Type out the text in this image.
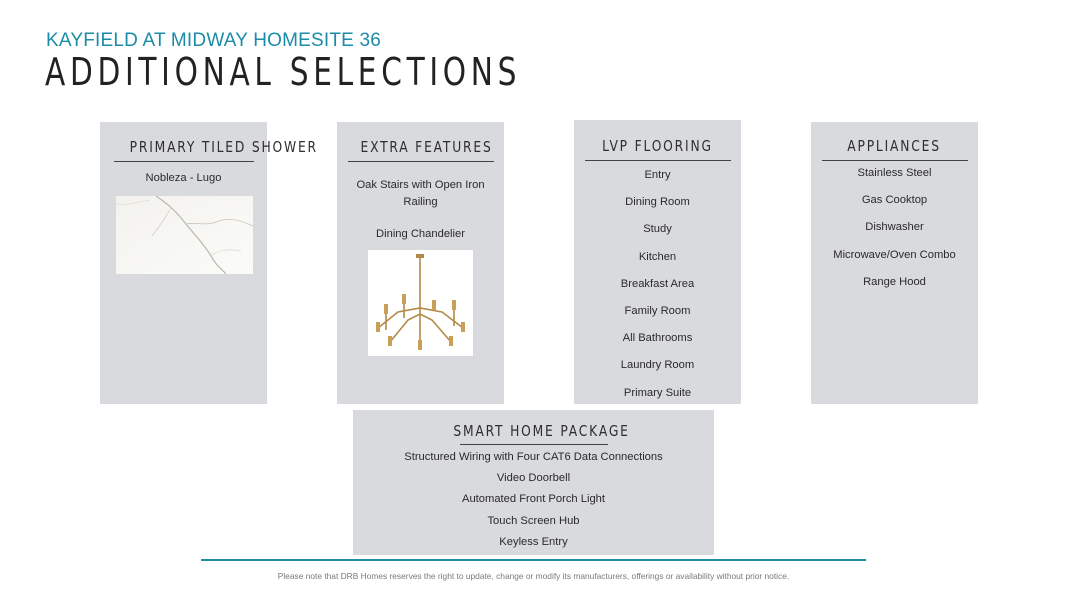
KAYFIELD AT MIDWAY HOMESITE 36
ADDITIONAL SELECTIONS
PRIMARY TILED SHOWER
Nobleza - Lugo
EXTRA FEATURES
Oak Stairs with Open Iron Railing
Dining Chandelier
LVP FLOORING
Entry
Dining Room
Study
Kitchen
Breakfast Area
Family Room
All Bathrooms
Laundry Room
Primary Suite
APPLIANCES
Stainless Steel
Gas Cooktop
Dishwasher
Microwave/Oven Combo
Range Hood
SMART HOME PACKAGE
Structured Wiring with Four CAT6 Data Connections
Video Doorbell
Automated Front Porch Light
Touch Screen Hub
Keyless Entry
Please note that DRB Homes reserves the right to update, change or modify its manufacturers, offerings or availability without prior notice.
